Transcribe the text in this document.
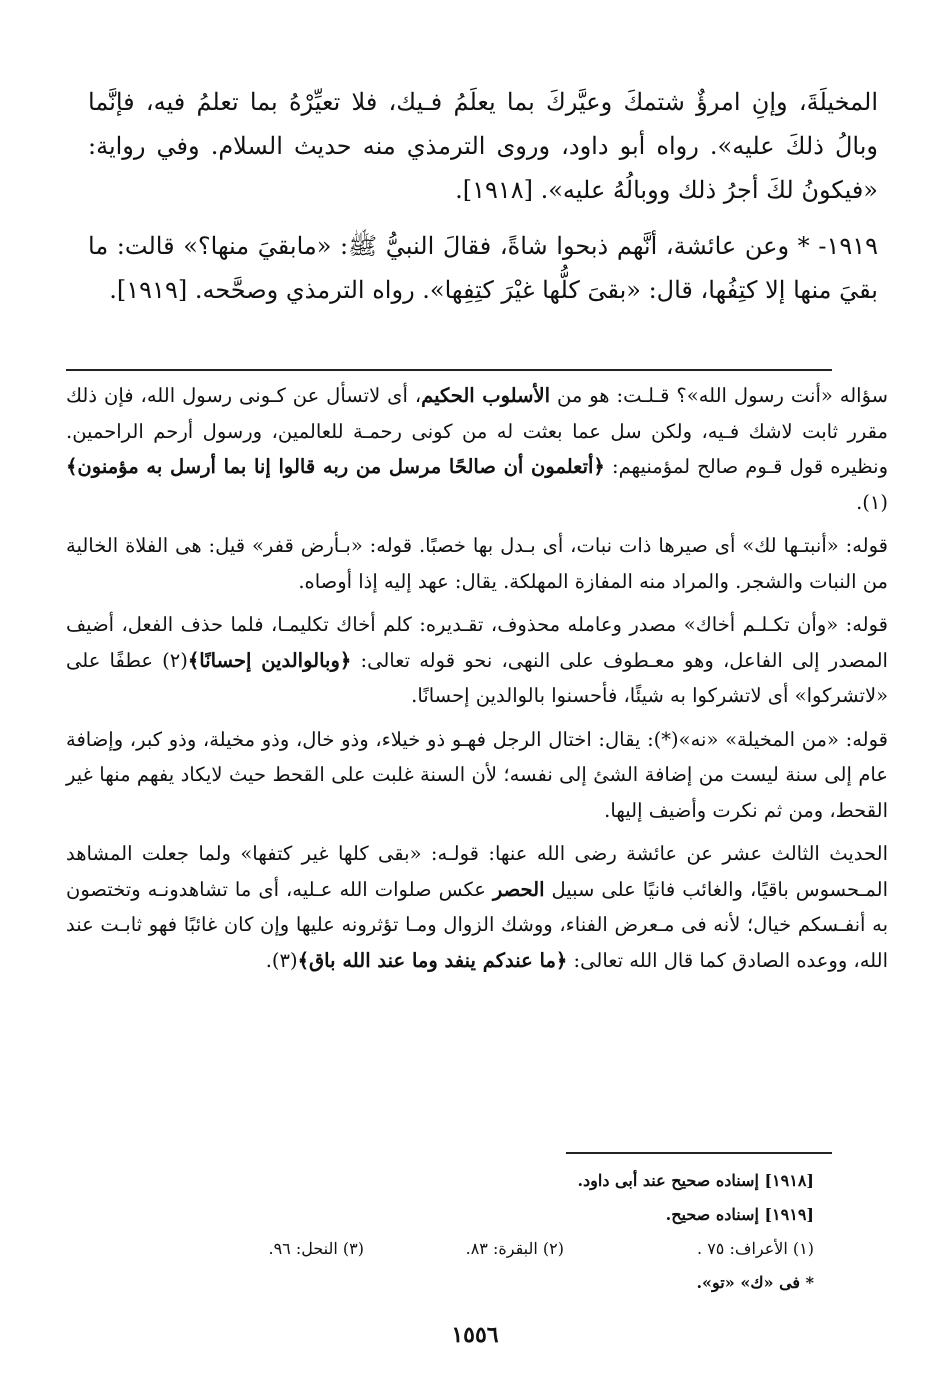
المخيلَةَ، وإنِ امرؤٌ شتمكَ وعيَّركَ بما يعلَمُ فـيك، فلا تعيِّرْهُ بما تعلمُ فيه، فإنَّما وبالُ ذلكَ عليه». رواه أبو داود، وروى الترمذي منه حديث السلام. وفي رواية: «فيكونُ لكَ أجرُ ذلك ووبالُهُ عليه». [١٩١٨].

١٩١٩- * وعن عائشة، أنَّهم ذبحوا شاةً، فقالَ النبيُّ ﷺ: «مابقيَ منها؟» قالت: ما بقيَ منها إلا كتِفُها، قال: «بقىَ كلُّها غيْرَ كتِفِها». رواه الترمذي وصحَّحه. [١٩١٩].

سؤاله «أنت رسول الله»؟ قـلـت: هو من الأسلوب الحكيم، أى لاتسأل عن كـونى رسول الله، فإن ذلك مقرر ثابت لاشك فـيه، ولكن سل عما بعثت له من كونى رحمـة للعالمين، ورسول أرحم الراحمين. ونظيره قول قـوم صالح لمؤمنيهم: ﴿أتعلمون أن صالحًا مرسل من ربه قالوا إنا بما أرسل به مؤمنون﴾(١).

قوله: «أنبتـها لك» أى صيرها ذات نبات، أى بـدل بها خصبًا. قوله: «بـأرض قفر» قيل: هى الفلاة الخالية من النبات والشجر. والمراد منه المفازة المهلكة. يقال: عهد إليه إذا أوصاه.

قوله: «وأن تكـلـم أخاك» مصدر وعامله محذوف، تقـديره: كلم أخاك تكليمـا، فلما حذف الفعل، أضيف المصدر إلى الفاعل، وهو معـطوف على النهى، نحو قوله تعالى: ﴿وبالوالدين إحسانًا﴾(٢) عطفًا على «لاتشركوا» أى لاتشركوا به شيئًا، فأحسنوا بالوالدين إحسانًا.

قوله: «من المخيلة» «نه»(*): يقال: اختال الرجل فهـو ذو خيلاء، وذو خال، وذو مخيلة، وذو كبر، وإضافة عام إلى سنة ليست من إضافة الشئ إلى نفسه؛ لأن السنة غلبت على القحط حيث لايكاد يفهم منها غير القحط، ومن ثم نكرت وأضيف إليها.

الحديث الثالث عشر عن عائشة رضى الله عنها: قولـه: «بقى كلها غير كتفها» ولما جعلت المشاهد المـحسوس باقيًا، والغائب فانيًا على سبيل الحصر عكس صلوات الله عـليه، أى ما تشاهدونـه وتختصون به أنفـسكم خيال؛ لأنه فى مـعرض الفناء، ووشك الزوال ومـا تؤثرونه عليها وإن كان غائبًا فهو ثابـت عند الله، ووعده الصادق كما قال الله تعالى: ﴿ما عندكم ينفد وما عند الله باق﴾(٣).

[١٩١٨] إسناده صحيح عند أبى داود.
[١٩١٩] إسناده صحيح.
(١) الأعراف: ٧٥ .
(٢) البقرة: ٨٣.
(٣) النحل: ٩٦.
* فى «ك» «تو».
١٥٥٦
